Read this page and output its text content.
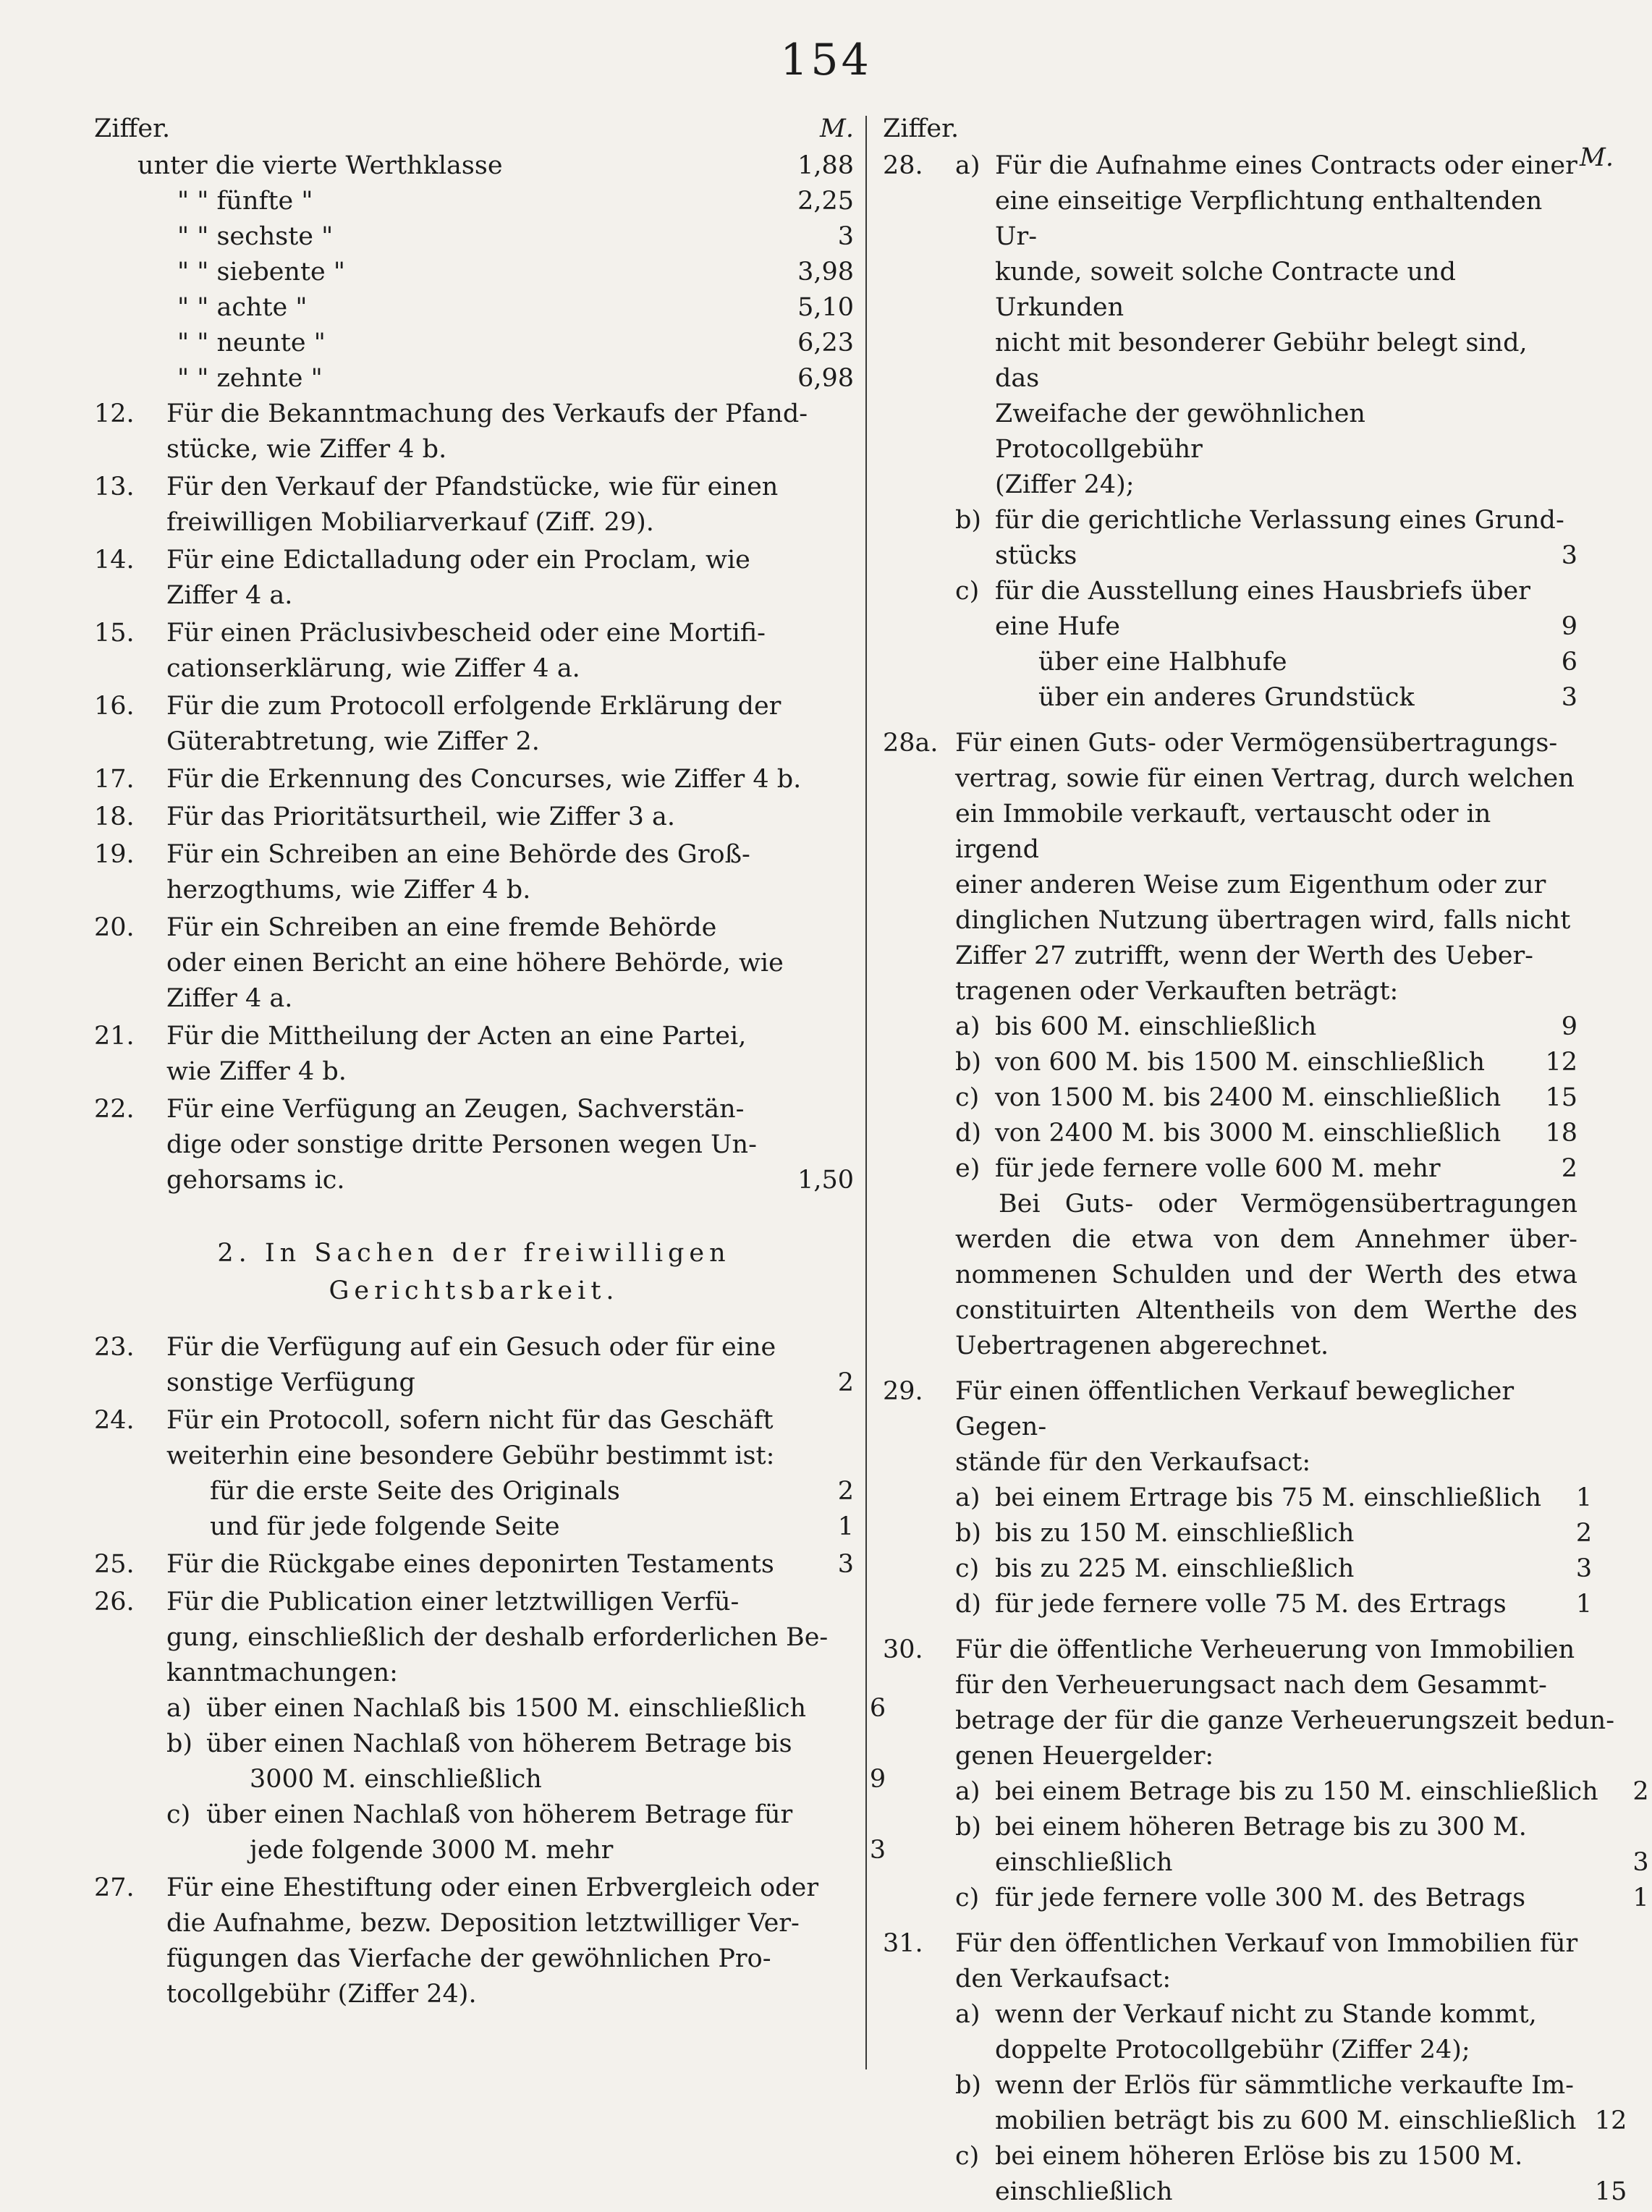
154
Ziffer.	M. Ziffer.
M.
unter die vierte Werthklasse	1,88
" " fünfte "	2,25
" " sechste "	3
" " siebente "	3,98
" " achte "	5,10
" " neunte "	6,23
" " zehnte "	6,98
12.	Für die Bekanntmachung des Verkaufs der Pfand-
stücke, wie Ziffer 4 b.
13.	Für den Verkauf der Pfandstücke, wie für einen
freiwilligen Mobiliarverkauf (Ziff. 29).
14.	Für eine Edictalladung oder ein Proclam, wie
Ziffer 4 a.
15.	Für einen Präclusivbescheid oder eine Mortifi-
cationserklärung, wie Ziffer 4 a.
16.	Für die zum Protocoll erfolgende Erklärung der
Güterabtretung, wie Ziffer 2.
17.	Für die Erkennung des Concurses, wie Ziffer 4 b.
18.	Für das Prioritätsurtheil, wie Ziffer 3 a.
19.	Für ein Schreiben an eine Behörde des Groß-
herzogthums, wie Ziffer 4 b.
20.	Für ein Schreiben an eine fremde Behörde
oder einen Bericht an eine höhere Behörde, wie
Ziffer 4 a.
21.	Für die Mittheilung der Acten an eine Partei,
wie Ziffer 4 b.
22.	Für eine Verfügung an Zeugen, Sachverstän-
dige oder sonstige dritte Personen wegen Un-
gehorsams ic.	1,50
2. In Sachen der freiwilligen
Gerichtsbarkeit.
23.	Für die Verfügung auf ein Gesuch oder für eine
sonstige Verfügung	2
24.	Für ein Protocoll, sofern nicht für das Geschäft
weiterhin eine besondere Gebühr bestimmt ist:
für die erste Seite des Originals	2
und für jede folgende Seite	1
25.	Für die Rückgabe eines deponirten Testaments	3
26.	Für die Publication einer letztwilligen Verfü-
gung, einschließlich der deshalb erforderlichen Be-
kanntmachungen:
a) über einen Nachlaß bis 1500 M. einschließlich	6
b) über einen Nachlaß von höherem Betrage bis
3000 M. einschließlich	9
c) über einen Nachlaß von höherem Betrage für
jede folgende 3000 M. mehr	3
27.	Für eine Ehestiftung oder einen Erbvergleich oder
die Aufnahme, bezw. Deposition letztwilliger Ver-
fügungen das Vierfache der gewöhnlichen Pro-
tocollgebühr (Ziffer 24).
28.	a) Für die Aufnahme eines Contracts oder einer
eine einseitige Verpflichtung enthaltenden Ur-
kunde, soweit solche Contracte und Urkunden
nicht mit besonderer Gebühr belegt sind, das
Zweifache der gewöhnlichen Protocollgebühr
(Ziffer 24);
b) für die gerichtliche Verlassung eines Grund-
stücks	3
c) für die Ausstellung eines Hausbriefs über
eine Hufe	9
über eine Halbhufe	6
über ein anderes Grundstück	3
28a. Für einen Guts- oder Vermögensübertragungs-
vertrag, sowie für einen Vertrag, durch welchen
ein Immobile verkauft, vertauscht oder in irgend
einer anderen Weise zum Eigenthum oder zur
dinglichen Nutzung übertragen wird, falls nicht
Ziffer 27 zutrifft, wenn der Werth des Ueber-
tragenen oder Verkauften beträgt:
a) bis 600 M. einschließlich	9
b) von 600 M. bis 1500 M. einschließlich	12
c) von 1500 M. bis 2400 M. einschließlich	15
d) von 2400 M. bis 3000 M. einschließlich	18
e) für jede fernere volle 600 M. mehr	2
Bei Guts- oder Vermögensübertragungen werden die etwa von dem Annehmer über- nommenen Schulden und der Werth des etwa constituirten Altentheils von dem Werthe des Uebertragenen abgerechnet.
29.	Für einen öffentlichen Verkauf beweglicher Gegen-
stände für den Verkaufsact:
a) bei einem Ertrage bis 75 M. einschließlich	1
b) bis zu 150 M. einschließlich	2
c) bis zu 225 M. einschließlich	3
d) für jede fernere volle 75 M. des Ertrags	1
30.	Für die öffentliche Verheuerung von Immobilien
für den Verheuerungsact nach dem Gesammt-
betrage der für die ganze Verheuerungszeit bedun-
genen Heuergelder:
a) bei einem Betrage bis zu 150 M. einschließlich	2
b) bei einem höheren Betrage bis zu 300 M.
einschließlich	3
c) für jede fernere volle 300 M. des Betrags	1
31.	Für den öffentlichen Verkauf von Immobilien für
den Verkaufsact:
a) wenn der Verkauf nicht zu Stande kommt,
doppelte Protocollgebühr (Ziffer 24);
b) wenn der Erlös für sämmtliche verkaufte Im-
mobilien beträgt bis zu 600 M. einschließlich 12
c) bei einem höheren Erlöse bis zu 1500 M.
einschließlich	15
